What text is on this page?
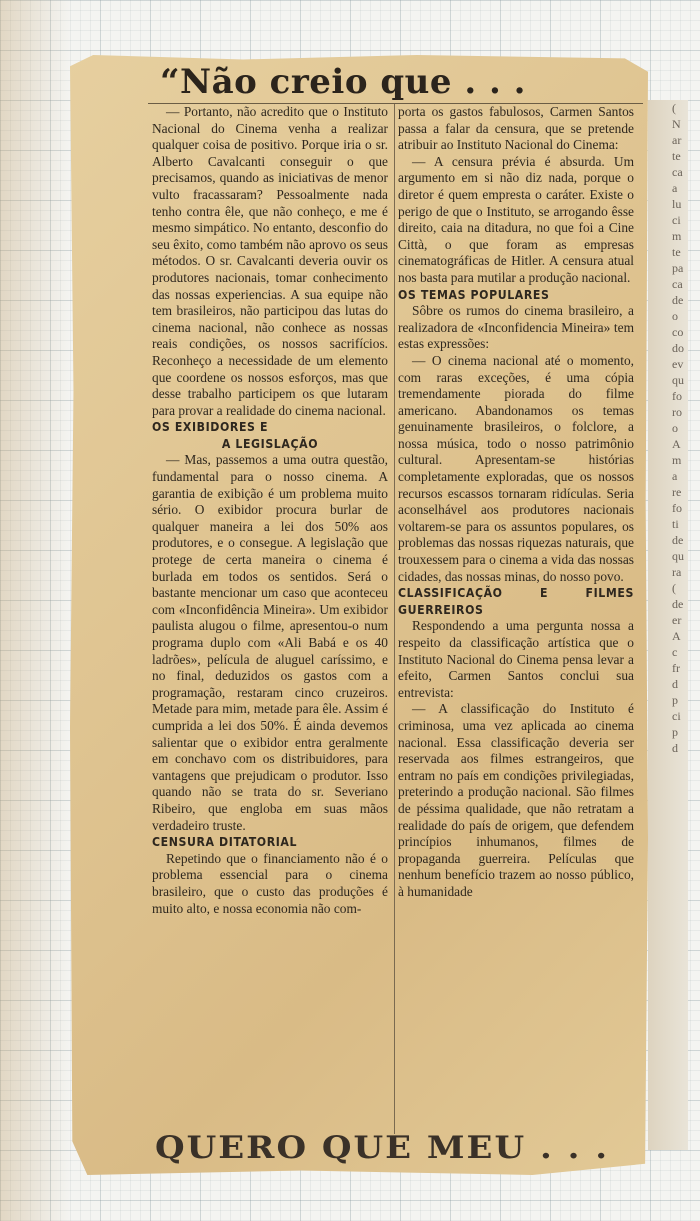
(
N
ar
te
ca
a
lu
ci
m
te
pa
ca
de
o
co
do
ev
qu
fo
ro
o
A
m
a
re
fo
ti
de
qu
ra
(
de
er
A
c
fr
d
p
ci
p
d
“Não creio que . . .

— Portanto, não acredito que o Instituto Nacional do Cinema venha a realizar qualquer coisa de positivo. Porque iria o sr. Alberto Cavalcanti conseguir o que precisamos, quando as iniciativas de menor vulto fracassaram? Pessoalmente nada tenho contra êle, que não conheço, e me é mesmo simpático. No entanto, desconfio do seu êxito, como também não aprovo os seus métodos. O sr. Cavalcanti deveria ouvir os produtores nacionais, tomar conhecimento das nossas experiencias. A sua equipe não tem brasileiros, não participou das lutas do cinema nacional, não conhece as nossas reais condições, os nossos sacrifícios. Reconheço a necessidade de um elemento que coordene os nossos esforços, mas que desse trabalho participem os que lutaram para provar a realidade do cinema nacional.

OS EXIBIDORES E

A LEGISLAÇÃO

— Mas, passemos a uma outra questão, fundamental para o nosso cinema. A garantia de exibição é um problema muito sério. O exibidor procura burlar de qualquer maneira a lei dos 50% aos produtores, e o consegue. A legislação que protege de certa maneira o cinema é burlada em todos os sentidos. Será o bastante mencionar um caso que aconteceu com «Inconfidência Mineira». Um exibidor paulista alugou o filme, apresentou-o num programa duplo com «Ali Babá e os 40 ladrões», película de aluguel caríssimo, e no final, deduzidos os gastos com a programação, restaram cinco cruzeiros. Metade para mim, metade para êle. Assim é cumprida a lei dos 50%. É ainda devemos salientar que o exibidor entra geralmente em conchavo com os distribuidores, para vantagens que prejudicam o produtor. Isso quando não se trata do sr. Severiano Ribeiro, que engloba em suas mãos verdadeiro truste.

CENSURA DITATORIAL

Repetindo que o financiamento não é o problema essencial para o cinema brasileiro, que o custo das produções é muito alto, e nossa economia não com-

porta os gastos fabulosos, Carmen Santos passa a falar da censura, que se pretende atribuir ao Instituto Nacional do Cinema:

— A censura prévia é absurda. Um argumento em si não diz nada, porque o diretor é quem empresta o caráter. Existe o perigo de que o Instituto, se arrogando êsse direito, caia na ditadura, no que foi a Cine Città, o que foram as empresas cinematográficas de Hitler. A censura atual nos basta para mutilar a produção nacional.

OS TEMAS POPULARES

Sôbre os rumos do cinema brasileiro, a realizadora de «Inconfidencia Mineira» tem estas expressões:

— O cinema nacional até o momento, com raras exceções, é uma cópia tremendamente piorada do filme americano. Abandonamos os temas genuinamente brasileiros, o folclore, a nossa música, todo o nosso patrimônio cultural. Apresentam-se histórias completamente exploradas, que os nossos recursos escassos tornaram ridículas. Seria aconselhável aos produtores nacionais voltarem-se para os assuntos populares, os problemas das nossas riquezas naturais, que trouxessem para o cinema a vida das nossas cidades, das nossas minas, do nosso povo.

CLASSIFICAÇÃO E FILMES GUERREIROS

Respondendo a uma pergunta nossa a respeito da classificação artística que o Instituto Nacional do Cinema pensa levar a efeito, Carmen Santos conclui sua entrevista:

— A classificação do Instituto é criminosa, uma vez aplicada ao cinema nacional. Essa classificação deveria ser reservada aos filmes estrangeiros, que entram no país em condições privilegiadas, preterindo a produção nacional. São filmes de péssima qualidade, que não retratam a realidade do país de origem, que defendem princípios inhumanos, filmes de propaganda guerreira. Películas que nenhum benefício trazem ao nosso público, à humanidade

QUERO QUE MEU . . .
